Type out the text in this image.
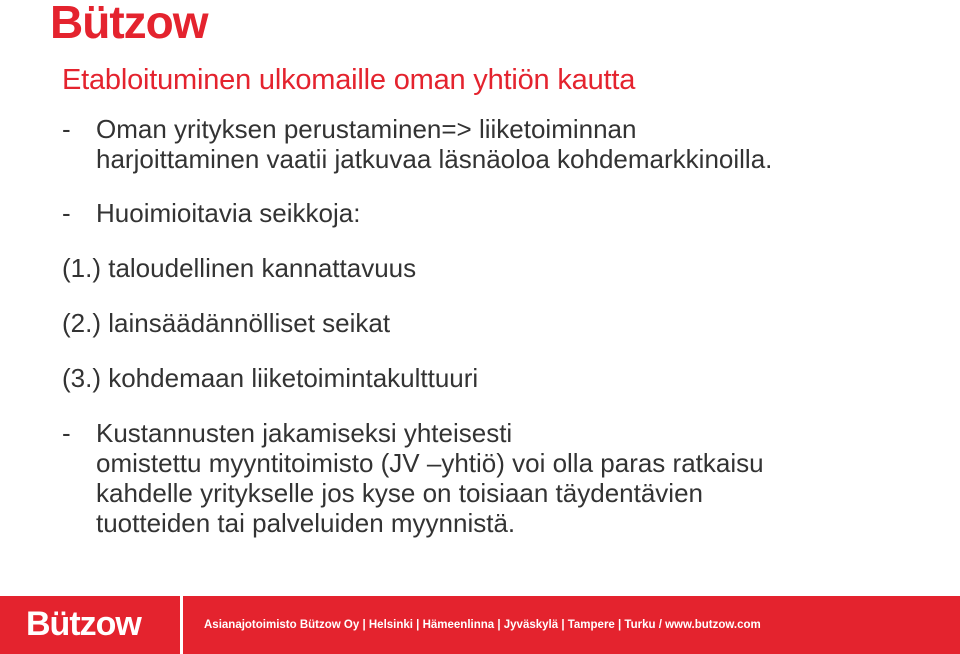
Bützow
Etabloituminen ulkomaille oman yhtiön kautta
- Oman yrityksen perustaminen=> liiketoiminnan
harjoittaminen vaatii jatkuvaa läsnäoloa kohdemarkkinoilla.
- Huoimioitavia seikkoja:
(1.) taloudellinen kannattavuus
(2.) lainsäädännölliset seikat
(3.) kohdemaan liiketoimintakulttuuri
- Kustannusten jakamiseksi yhteisesti
omistettu myyntitoimisto (JV –yhtiö) voi olla paras ratkaisu
kahdelle yritykselle jos kyse on toisiaan täydentävien
tuotteiden tai palveluiden myynnistä.
Bützow	Asianajotoimisto Bützow Oy | Helsinki | Hämeenlinna | Jyväskylä | Tampere | Turku / www.butzow.com
